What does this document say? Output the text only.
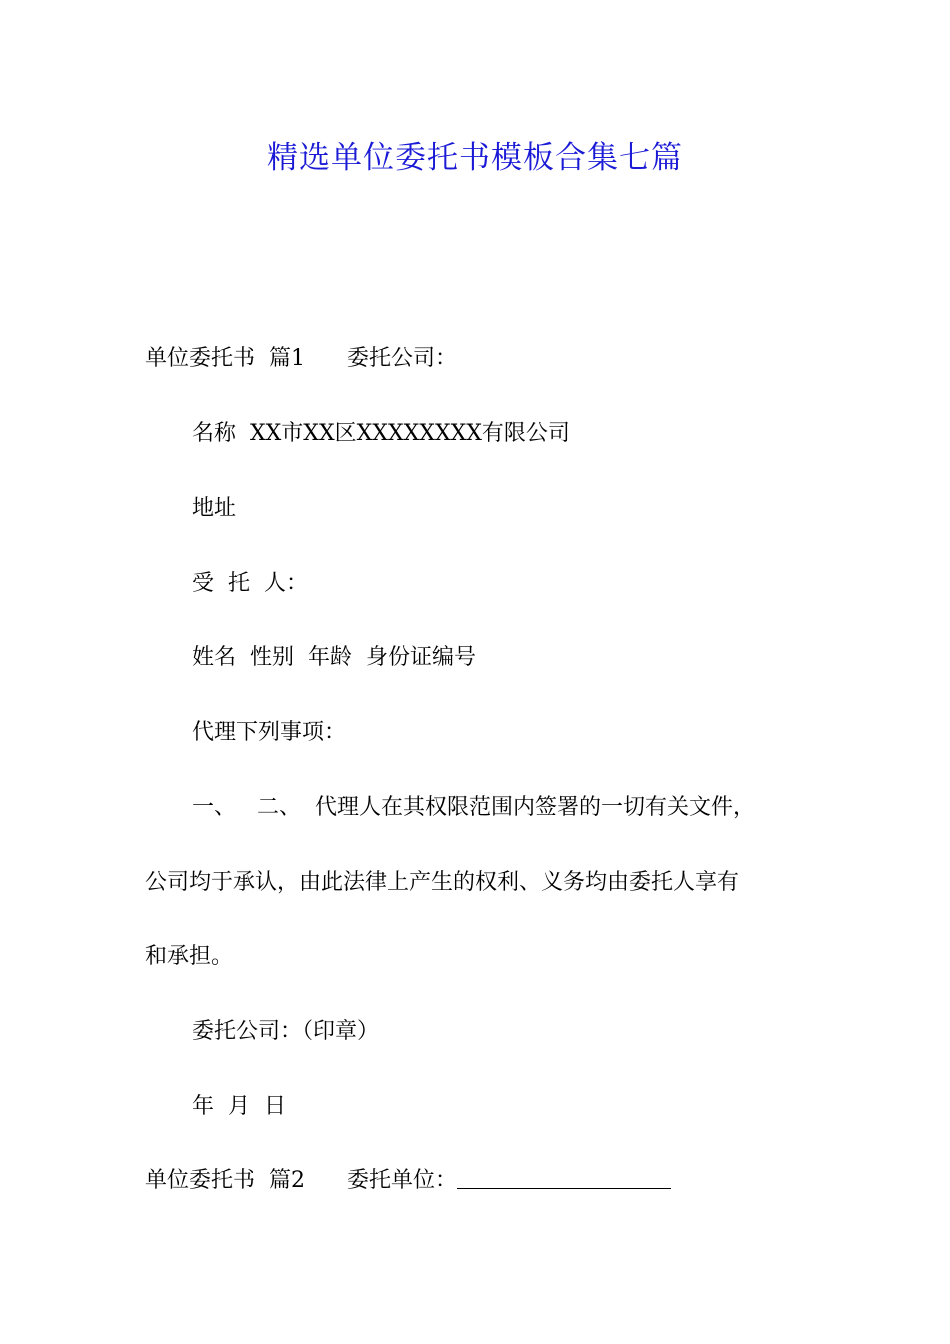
精选单位委托书模板合集七篇
单位委托书  篇1      委托公司：
名称  XX市XX区XXXXXXXX有限公司
地址
受  托  人：
姓名  性别  年龄  身份证编号
代理下列事项：
一、   二、  代理人在其权限范围内签署的一切有关文件，
公司均于承认，由此法律上产生的权利、义务均由委托人享有
和承担。
委托公司：（印章）
年  月  日
单位委托书  篇2      委托单位：
